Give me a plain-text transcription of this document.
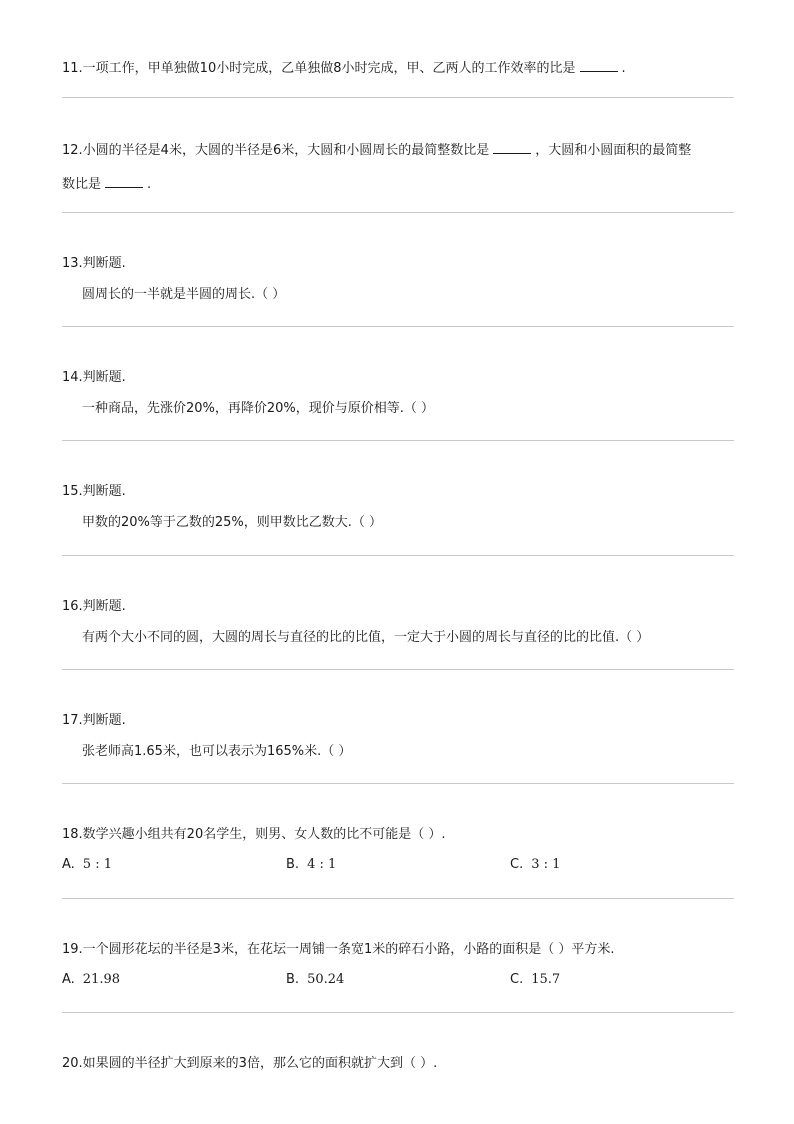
11.一项工作，甲单独做10小时完成，乙单独做8小时完成，甲、乙两人的工作效率的比是	.
12.小圆的半径是4米，大圆的半径是6米，大圆和小圆周长的最简整数比是	，大圆和小圆面积的最简整
数比是	.
13.判断题.
圆周长的一半就是半圆的周长.（ ）
14.判断题.
一种商品，先涨价20%，再降价20%，现价与原价相等.（ ）
15.判断题.
甲数的20%等于乙数的25%，则甲数比乙数大.（ ）
16.判断题.
有两个大小不同的圆，大圆的周长与直径的比的比值，一定大于小圆的周长与直径的比的比值.（ ）
17.判断题.
张老师高1.65米，也可以表示为165%米.（ ）
18.数学兴趣小组共有20名学生，则男、女人数的比不可能是（ ）.
A. 5 : 1	B. 4 : 1	C. 3 : 1
19.一个圆形花坛的半径是3米，在花坛一周铺一条宽1米的碎石小路，小路的面积是（ ）平方米.
A. 21.98	B. 50.24	C. 15.7
20.如果圆的半径扩大到原来的3倍，那么它的面积就扩大到（ ）.
